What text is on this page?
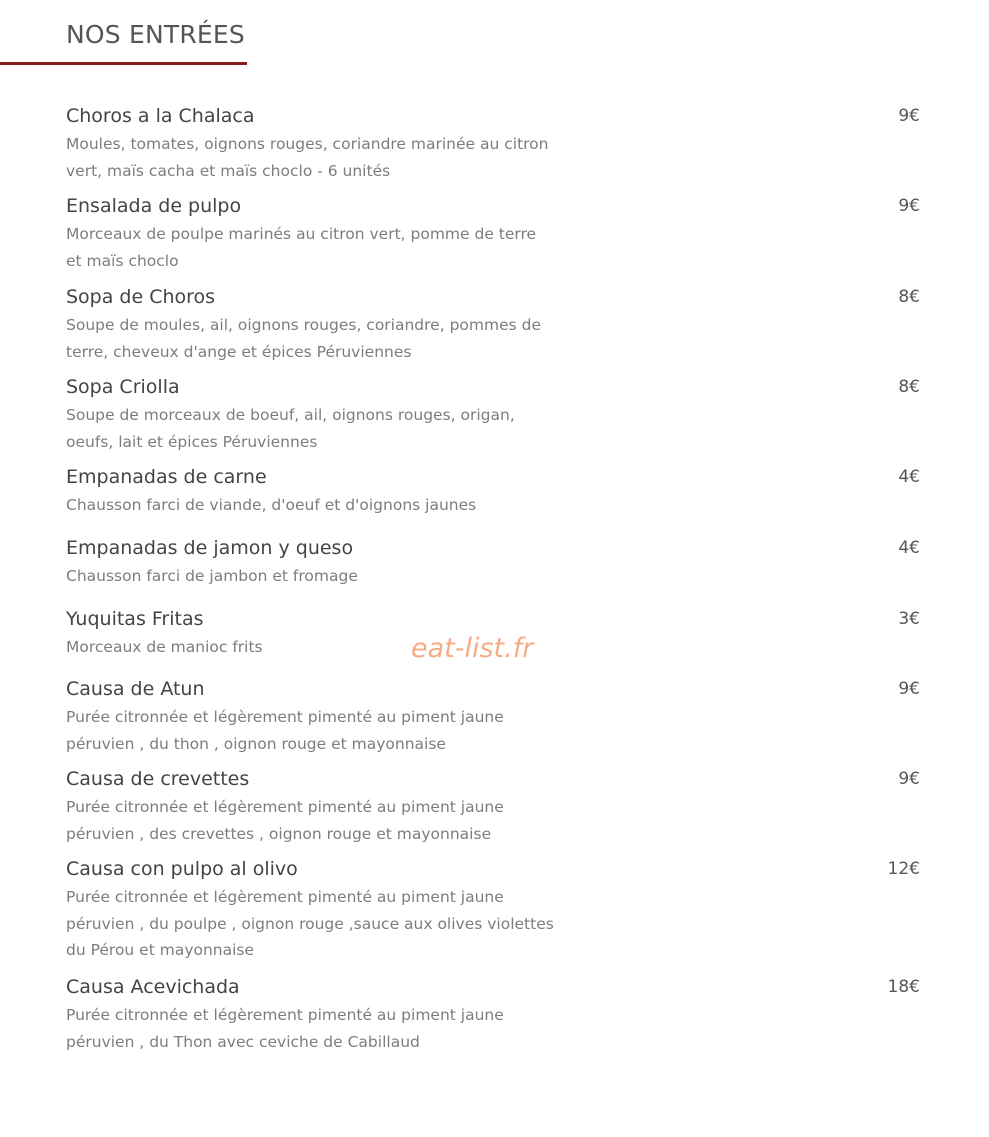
NOS ENTRÉES
Choros a la Chalaca	9€
Moules, tomates, oignons rouges, coriandre marinée au citron
vert, maïs cacha et maïs choclo - 6 unités
Ensalada de pulpo	9€
Morceaux de poulpe marinés au citron vert, pomme de terre
et maïs choclo
Sopa de Choros	8€
Soupe de moules, ail, oignons rouges, coriandre, pommes de
terre, cheveux d'ange et épices Péruviennes
Sopa Criolla	8€
Soupe de morceaux de boeuf, ail, oignons rouges, origan,
oeufs, lait et épices Péruviennes
Empanadas de carne	4€
Chausson farci de viande, d'oeuf et d'oignons jaunes
Empanadas de jamon y queso	4€
Chausson farci de jambon et fromage
Yuquitas Fritas	3€
Morceaux de manioc frits
Causa de Atun	9€
Purée citronnée et légèrement pimenté au piment jaune
péruvien , du thon , oignon rouge et mayonnaise
Causa de crevettes	9€
Purée citronnée et légèrement pimenté au piment jaune
péruvien , des crevettes , oignon rouge et mayonnaise
Causa con pulpo al olivo	12€
Purée citronnée et légèrement pimenté au piment jaune
péruvien , du poulpe , oignon rouge ,sauce aux olives violettes
du Pérou et mayonnaise
Causa Acevichada	18€
Purée citronnée et légèrement pimenté au piment jaune
péruvien , du Thon avec ceviche de Cabillaud
eat-list.fr
